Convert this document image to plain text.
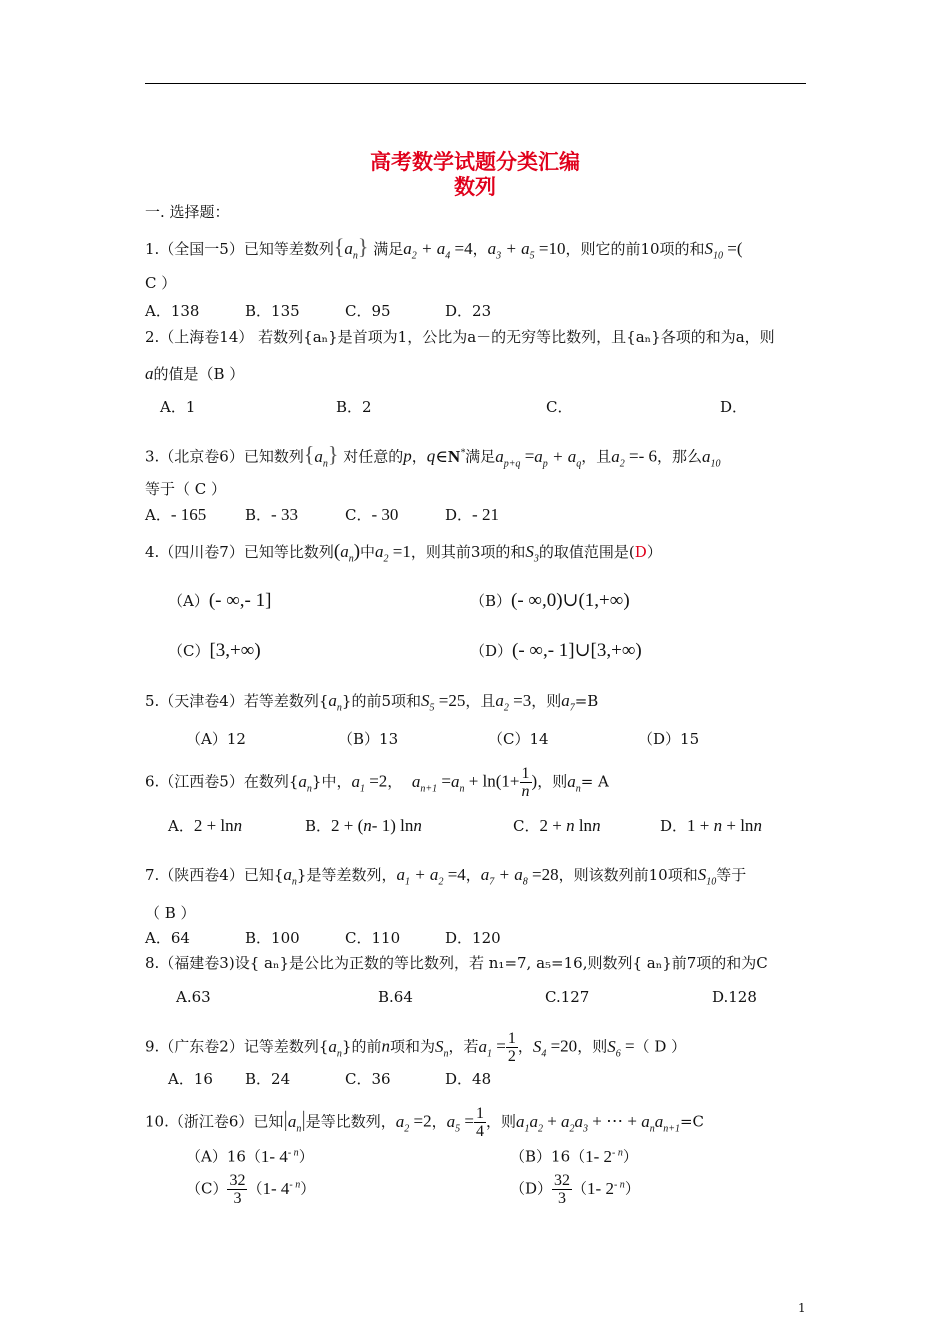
高考数学试题分类汇编
数列
一. 选择题：
1.（全国一5）已知等差数列$\{a_n\}$ 满足$a_2 + a_4 =4$，$a_3 + a_5 =10$，则它的前10项的和$S_{10}$ =(
C ）
A．138	B．135	C．95	D．23
2.（上海卷14） 若数列{aₙ}是首项为1，公比为a－的无穷等比数列，且{aₙ}各项的和为a，则
a的值是（B ）
A．1	B．2	C．	D．
3.（北京卷6）已知数列$\{a_n\}$ 对任意的p，q∈N*满足$a_{p+q} =a_p + a_q$，且$a_2 =- 6$，那么$a_{10}$
等于（ C ）
A．- 165	B．- 33	C．- 30	D．- 21
4.（四川卷7）已知等比数列$(a_n)$中$a_2 =1$，则其前3项的和$S_3$的取值范围是(D）
（A）(- ∞,- 1]	（B）(- ∞,0)∪(1,+∞)
（C）[3,+∞)	（D）(- ∞,- 1]∪[3,+∞)
5.（天津卷4）若等差数列$\{a_n\}$的前5项和$S_5 =25$，且$a_2 =3$，则$a_7=B$
（A）12	（B）13	（C）14	（D）15
6.（江西卷5）在数列$\{a_n\}$中，$a_1 =2$， $a_{n+1} =a_n + \ln(1+ \frac{1}{n}$ )，则$a_n= A$
A．2 + lnn	B．2 + (n- 1) lnn	C．2 + n lnn	D．1 + n + lnn
7.（陕西卷4）已知$\{a_n\}$是等差数列，$a_1 + a_2 =4$，$a_7 + a_8 =28$，则该数列前10项和$S_{10}$等于
（ B ）
A．64	B．100	C．110	D．120
8.（福建卷3)设{ aₙ}是公比为正数的等比数列，若 n₁=7, a₅=16,则数列{ aₙ}前7项的和为C
A.63	B.64	C.127	D.128
9.（广东卷2）记等差数列$\{a_n\}$的前n项和为$S_n$，若$a_1 = \frac{1}{2}$ ，$S_4 =20$，则$S_6$ =（ D ）
A．16 B．24	C．36	D．48
10.（浙江卷6）已知$|a_n|$是等比数列，$a_2 =2$，$a_5 = \frac{1}{4}$ ，则$a_1a_2 + a_2a_3$ + ⋯ + $a_na_{n+1}=C$
（A）16（1- $4^{- n}$）	（B）16（1- $2^{- n}$）
$(C) \frac{32}{3} (1-$ $4^{- n}$）	$(D) \frac{32}{3} (1-$ $2^{- n}$）
1
